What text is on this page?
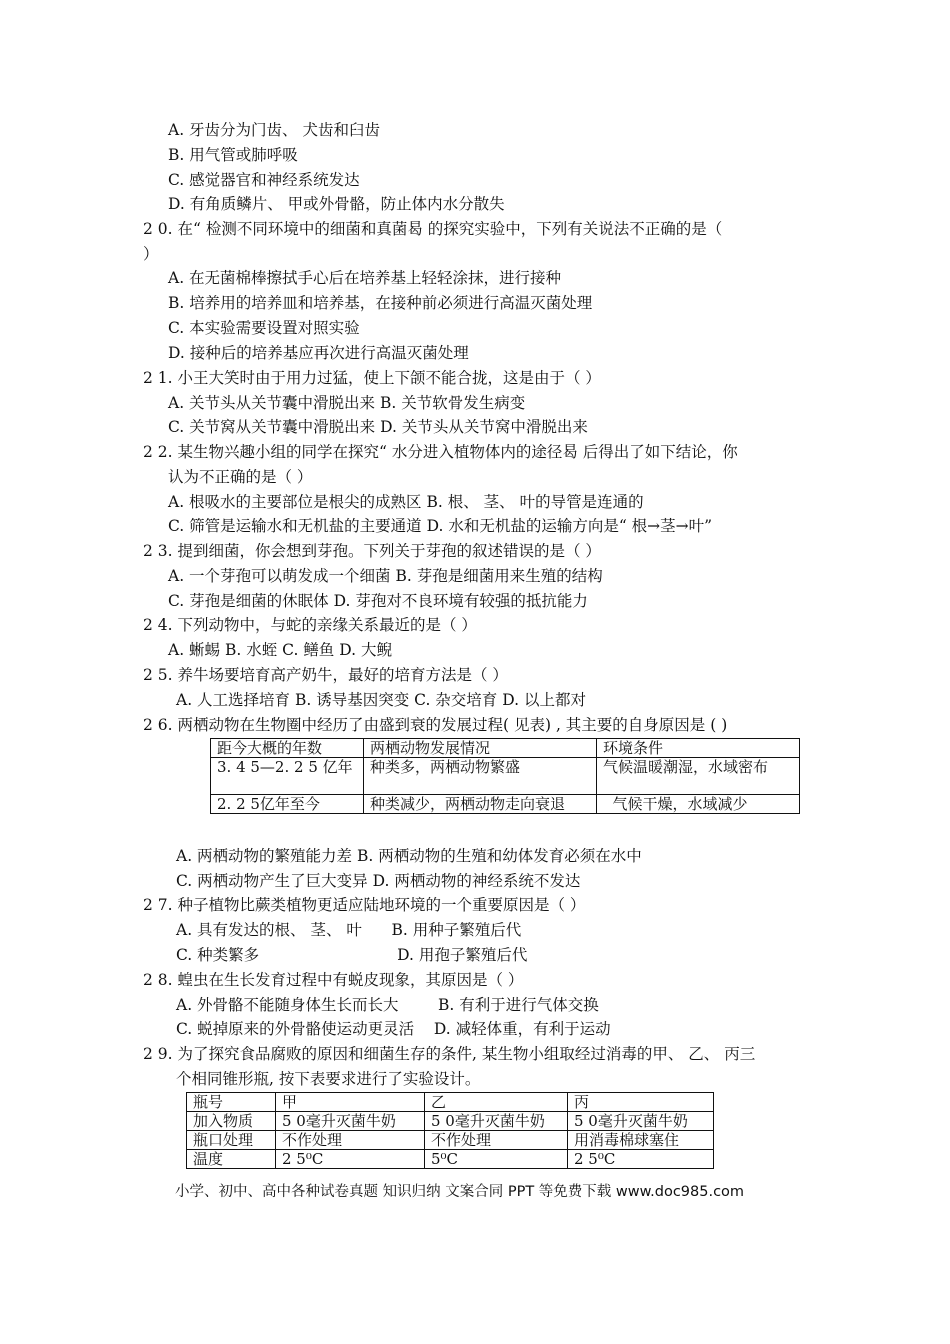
A. 牙齿分为门齿、 犬齿和臼齿
B. 用气管或肺呼吸
C. 感觉器官和神经系统发达
D. 有角质鳞片、 甲或外骨骼，防止体内水分散失
2 0. 在“ 检测不同环境中的细菌和真菌曷 的探究实验中，下列有关说法不正确的是（
）
A. 在无菌棉棒擦拭手心后在培养基上轻轻涂抹，进行接种
B. 培养用的培养皿和培养基，在接种前必须进行高温灭菌处理
C. 本实验需要设置对照实验
D. 接种后的培养基应再次进行高温灭菌处理
2 1. 小王大笑时由于用力过猛，使上下颌不能合拢，这是由于（ ）
A. 关节头从关节囊中滑脱出来 B. 关节软骨发生病变
C. 关节窝从关节囊中滑脱出来 D. 关节头从关节窝中滑脱出来
2 2. 某生物兴趣小组的同学在探究“ 水分进入植物体内的途径曷 后得出了如下结论，你
认为不正确的是（ ）
A. 根吸水的主要部位是根尖的成熟区 B. 根、 茎、 叶的导管是连通的
C. 筛管是运输水和无机盐的主要通道 D. 水和无机盐的运输方向是“ 根→茎→叶”
2 3. 提到细菌，你会想到芽孢。下列关于芽孢的叙述错误的是（ ）
A. 一个芽孢可以萌发成一个细菌 B. 芽孢是细菌用来生殖的结构
C. 芽孢是细菌的休眠体 D. 芽孢对不良环境有较强的抵抗能力
2 4. 下列动物中，与蛇的亲缘关系最近的是（ ）
A. 蜥蜴 B. 水蛭 C. 鳝鱼 D. 大鲵
2 5. 养牛场要培育高产奶牛，最好的培育方法是（ ）
A. 人工选择培育 B. 诱导基因突变 C. 杂交培育 D. 以上都对
2 6. 两栖动物在生物圈中经历了由盛到衰的发展过程( 见表) , 其主要的自身原因是 ( )
距今大概的年数	两栖动物发展情况	环境条件
3. 4 5—2. 2 5 亿年	种类多，两栖动物繁盛	气候温暖潮湿，水域密布
2. 2 5亿年至今	种类减少，两栖动物走向衰退	气候干燥，水域减少
A. 两栖动物的繁殖能力差 B. 两栖动物的生殖和幼体发育必须在水中
C. 两栖动物产生了巨大变异 D. 两栖动物的神经系统不发达
2 7. 种子植物比蕨类植物更适应陆地环境的一个重要原因是（ ）
A. 具有发达的根、 茎、 叶      B. 用种子繁殖后代
C. 种类繁多                            D. 用孢子繁殖后代
2 8. 蝗虫在生长发育过程中有蜕皮现象，其原因是（ ）
A. 外骨骼不能随身体生长而长大        B. 有利于进行气体交换
C. 蜕掉原来的外骨骼使运动更灵活    D. 减轻体重，有利于运动
2 9. 为了探究食品腐败的原因和细菌生存的条件, 某生物小组取经过消毒的甲、 乙、 丙三
个相同锥形瓶, 按下表要求进行了实验设计。
瓶号	甲	乙	丙
加入物质	5 0毫升灭菌牛奶	5 0毫升灭菌牛奶	5 0毫升灭菌牛奶
瓶口处理	不作处理	不作处理	用消毒棉球塞住
温度	2 5⁰C	5⁰C	2 5⁰C
小学、初中、高中各种试卷真题 知识归纳 文案合同 PPT 等免费下载 www.doc985.com
